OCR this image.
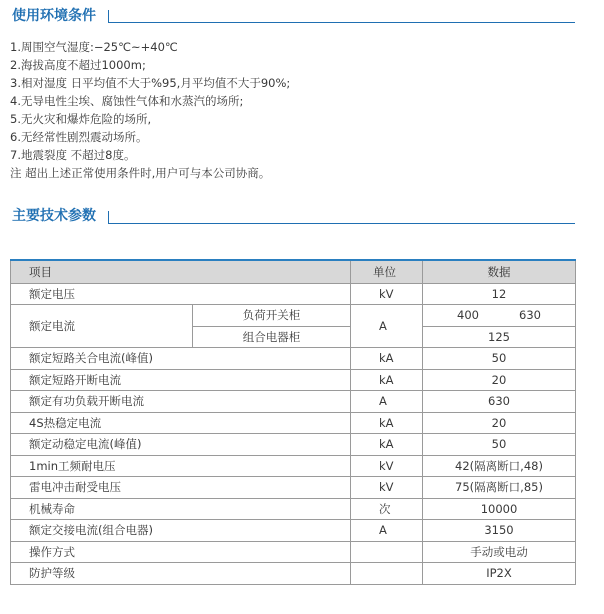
使用环境条件
1.周围空气湿度:−25℃~+40℃
2.海拔高度不超过1000m;
3.相对湿度 日平均值不大于%95,月平均值不大于90%;
4.无导电性尘埃、腐蚀性气体和水蒸汽的场所;
5.无火灾和爆炸危险的场所,
6.无经常性剧烈震动场所。
7.地震裂度 不超过8度。
注 超出上述正常使用条件时,用户可与本公司协商。
主要技术参数
项目		单位	数据
额定电压		kV	12
额定电流	负荷开关柜	A	400 630
	组合电器柜		125
额定短路关合电流(峰值)		kA	50
额定短路开断电流		kA	20
额定有功负载开断电流		A	630
4S热稳定电流		kA	20
额定动稳定电流(峰值)		kA	50
1min工频耐电压		kV	42(隔离断口,48)
雷电冲击耐受电压		kV	75(隔离断口,85)
机械寿命		次	10000
额定交接电流(组合电器)		A	3150
操作方式			手动或电动
防护等级			IP2X
